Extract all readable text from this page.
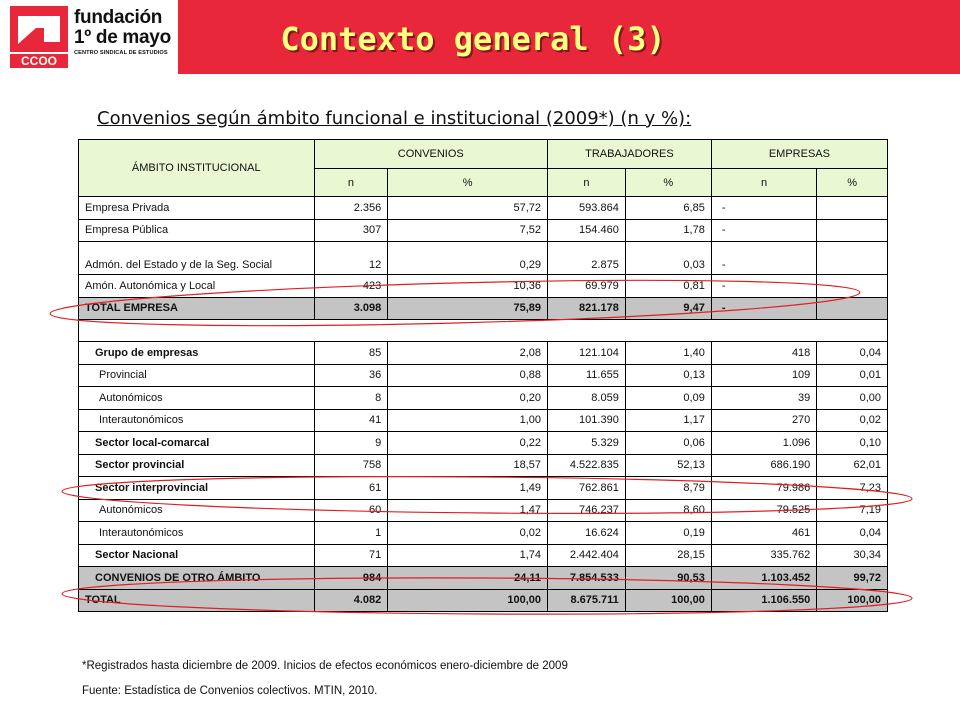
CCOO
fundación
1º de mayo
CENTRO SINDICAL DE ESTUDIOS	Contexto general (3)
Convenios según ámbito funcional e institucional (2009*) (n y %):
ÁMBITO INSTITUCIONAL	CONVENIOS		TRABAJADORES		EMPRESAS	
	n	%	n	%	n	%
Empresa Privada	2.356	57,72	593.864	6,85	-	
Empresa Pública	307	7,52	154.460	1,78	-	
Admón. del Estado y de la Seg. Social	12	0,29	2.875	0,03	-	
Amón. Autonómica y Local	423	10,36	69.979	0,81	-	
TOTAL EMPRESA	3.098	75,89	821.178	9,47	-	

Grupo de empresas	85	2,08	121.104	1,40	418	0,04
Provincial	36	0,88	11.655	0,13	109	0,01
Autonómicos	8	0,20	8.059	0,09	39	0,00
Interautonómicos	41	1,00	101.390	1,17	270	0,02
Sector local-comarcal	9	0,22	5.329	0,06	1.096	0,10
Sector provincial	758	18,57	4.522.835	52,13	686.190	62,01
Sector interprovincial	61	1,49	762.861	8,79	79.986	7,23
Autonómicos	60	1,47	746.237	8,60	79.525	7,19
Interautonómicos	1	0,02	16.624	0,19	461	0,04
Sector Nacional	71	1,74	2.442.404	28,15	335.762	30,34
CONVENIOS DE OTRO ÁMBITO	984	24,11	7.854.533	90,53	1.103.452	99,72
TOTAL	4.082	100,00	8.675.711	100,00	1.106.550	100,00
*Registrados hasta diciembre de 2009. Inicios de efectos económicos enero-diciembre de 2009
Fuente: Estadística de Convenios colectivos. MTIN, 2010.
